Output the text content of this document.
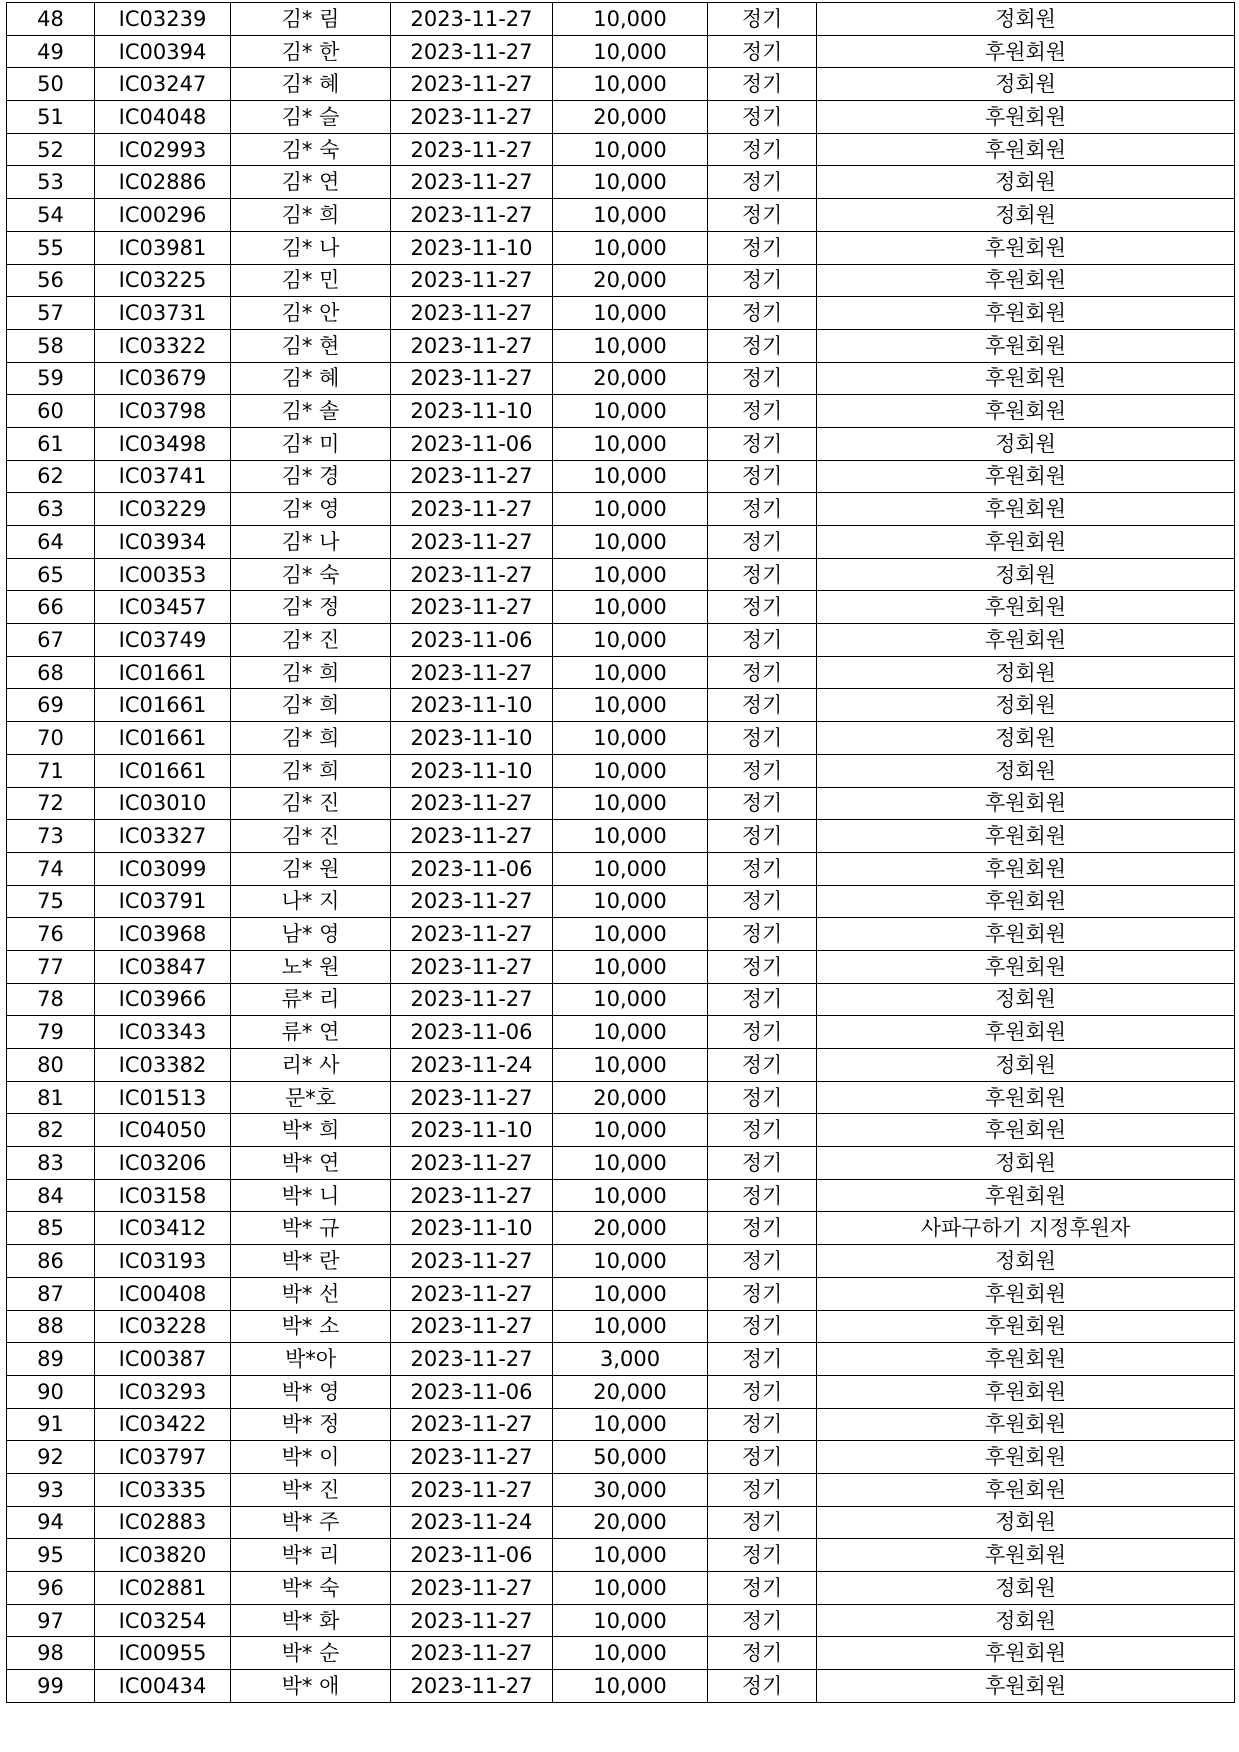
48	IC03239	김* 림	2023-11-27	10,000	정기	정회원
49	IC00394	김* 한	2023-11-27	10,000	정기	후원회원
50	IC03247	김* 혜	2023-11-27	10,000	정기	정회원
51	IC04048	김* 슬	2023-11-27	20,000	정기	후원회원
52	IC02993	김* 숙	2023-11-27	10,000	정기	후원회원
53	IC02886	김* 연	2023-11-27	10,000	정기	정회원
54	IC00296	김* 희	2023-11-27	10,000	정기	정회원
55	IC03981	김* 나	2023-11-10	10,000	정기	후원회원
56	IC03225	김* 민	2023-11-27	20,000	정기	후원회원
57	IC03731	김* 안	2023-11-27	10,000	정기	후원회원
58	IC03322	김* 현	2023-11-27	10,000	정기	후원회원
59	IC03679	김* 혜	2023-11-27	20,000	정기	후원회원
60	IC03798	김* 솔	2023-11-10	10,000	정기	후원회원
61	IC03498	김* 미	2023-11-06	10,000	정기	정회원
62	IC03741	김* 경	2023-11-27	10,000	정기	후원회원
63	IC03229	김* 영	2023-11-27	10,000	정기	후원회원
64	IC03934	김* 나	2023-11-27	10,000	정기	후원회원
65	IC00353	김* 숙	2023-11-27	10,000	정기	정회원
66	IC03457	김* 정	2023-11-27	10,000	정기	후원회원
67	IC03749	김* 진	2023-11-06	10,000	정기	후원회원
68	IC01661	김* 희	2023-11-27	10,000	정기	정회원
69	IC01661	김* 희	2023-11-10	10,000	정기	정회원
70	IC01661	김* 희	2023-11-10	10,000	정기	정회원
71	IC01661	김* 희	2023-11-10	10,000	정기	정회원
72	IC03010	김* 진	2023-11-27	10,000	정기	후원회원
73	IC03327	김* 진	2023-11-27	10,000	정기	후원회원
74	IC03099	김* 원	2023-11-06	10,000	정기	후원회원
75	IC03791	나* 지	2023-11-27	10,000	정기	후원회원
76	IC03968	남* 영	2023-11-27	10,000	정기	후원회원
77	IC03847	노* 원	2023-11-27	10,000	정기	후원회원
78	IC03966	류* 리	2023-11-27	10,000	정기	정회원
79	IC03343	류* 연	2023-11-06	10,000	정기	후원회원
80	IC03382	리* 사	2023-11-24	10,000	정기	정회원
81	IC01513	문*호	2023-11-27	20,000	정기	후원회원
82	IC04050	박* 희	2023-11-10	10,000	정기	후원회원
83	IC03206	박* 연	2023-11-27	10,000	정기	정회원
84	IC03158	박* 니	2023-11-27	10,000	정기	후원회원
85	IC03412	박* 규	2023-11-10	20,000	정기	사파구하기 지정후원자
86	IC03193	박* 란	2023-11-27	10,000	정기	정회원
87	IC00408	박* 선	2023-11-27	10,000	정기	후원회원
88	IC03228	박* 소	2023-11-27	10,000	정기	후원회원
89	IC00387	박*아	2023-11-27	3,000	정기	후원회원
90	IC03293	박* 영	2023-11-06	20,000	정기	후원회원
91	IC03422	박* 정	2023-11-27	10,000	정기	후원회원
92	IC03797	박* 이	2023-11-27	50,000	정기	후원회원
93	IC03335	박* 진	2023-11-27	30,000	정기	후원회원
94	IC02883	박* 주	2023-11-24	20,000	정기	정회원
95	IC03820	박* 리	2023-11-06	10,000	정기	후원회원
96	IC02881	박* 숙	2023-11-27	10,000	정기	정회원
97	IC03254	박* 화	2023-11-27	10,000	정기	정회원
98	IC00955	박* 순	2023-11-27	10,000	정기	후원회원
99	IC00434	박* 애	2023-11-27	10,000	정기	후원회원
